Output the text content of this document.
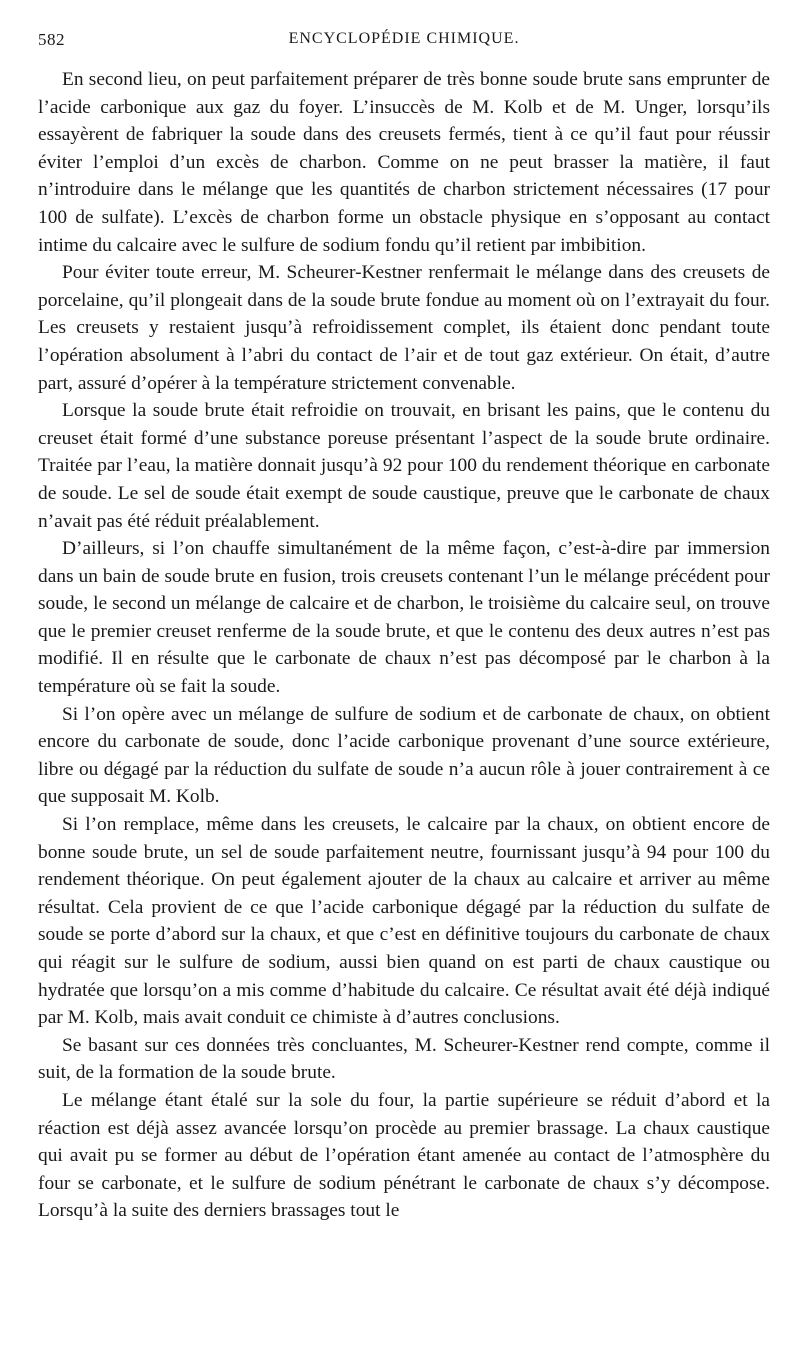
582	ENCYCLOPÉDIE CHIMIQUE.

En second lieu, on peut parfaitement préparer de très bonne soude brute sans emprunter de l’acide carbonique aux gaz du foyer. L’insuccès de M. Kolb et de M. Unger, lorsqu’ils essayèrent de fabriquer la soude dans des creusets fermés, tient à ce qu’il faut pour réussir éviter l’emploi d’un excès de charbon. Comme on ne peut brasser la matière, il faut n’introduire dans le mélange que les quantités de charbon strictement nécessaires (17 pour 100 de sulfate). L’excès de charbon forme un obstacle physique en s’opposant au contact intime du calcaire avec le sulfure de sodium fondu qu’il retient par imbibition.

Pour éviter toute erreur, M. Scheurer-Kestner renfermait le mélange dans des creusets de porcelaine, qu’il plongeait dans de la soude brute fondue au moment où on l’extrayait du four. Les creusets y restaient jusqu’à refroidissement complet, ils étaient donc pendant toute l’opération absolument à l’abri du contact de l’air et de tout gaz extérieur. On était, d’autre part, assuré d’opérer à la température strictement convenable.

Lorsque la soude brute était refroidie on trouvait, en brisant les pains, que le contenu du creuset était formé d’une substance poreuse présentant l’aspect de la soude brute ordinaire. Traitée par l’eau, la matière donnait jusqu’à 92 pour 100 du rendement théorique en carbonate de soude. Le sel de soude était exempt de soude caustique, preuve que le carbonate de chaux n’avait pas été réduit préalablement.

D’ailleurs, si l’on chauffe simultanément de la même façon, c’est-à-dire par immersion dans un bain de soude brute en fusion, trois creusets contenant l’un le mélange précédent pour soude, le second un mélange de calcaire et de charbon, le troisième du calcaire seul, on trouve que le premier creuset renferme de la soude brute, et que le contenu des deux autres n’est pas modifié. Il en résulte que le carbonate de chaux n’est pas décomposé par le charbon à la température où se fait la soude.

Si l’on opère avec un mélange de sulfure de sodium et de carbonate de chaux, on obtient encore du carbonate de soude, donc l’acide carbonique provenant d’une source extérieure, libre ou dégagé par la réduction du sulfate de soude n’a aucun rôle à jouer contrairement à ce que supposait M. Kolb.

Si l’on remplace, même dans les creusets, le calcaire par la chaux, on obtient encore de bonne soude brute, un sel de soude parfaitement neutre, fournissant jusqu’à 94 pour 100 du rendement théorique. On peut également ajouter de la chaux au calcaire et arriver au même résultat. Cela provient de ce que l’acide carbonique dégagé par la réduction du sulfate de soude se porte d’abord sur la chaux, et que c’est en définitive toujours du carbonate de chaux qui réagit sur le sulfure de sodium, aussi bien quand on est parti de chaux caustique ou hydratée que lorsqu’on a mis comme d’habitude du calcaire. Ce résultat avait été déjà indiqué par M. Kolb, mais avait conduit ce chimiste à d’autres conclusions.

Se basant sur ces données très concluantes, M. Scheurer-Kestner rend compte, comme il suit, de la formation de la soude brute.

Le mélange étant étalé sur la sole du four, la partie supérieure se réduit d’abord et la réaction est déjà assez avancée lorsqu’on procède au premier brassage. La chaux caustique qui avait pu se former au début de l’opération étant amenée au contact de l’atmosphère du four se carbonate, et le sulfure de sodium pénétrant le carbonate de chaux s’y décompose. Lorsqu’à la suite des derniers brassages tout le
